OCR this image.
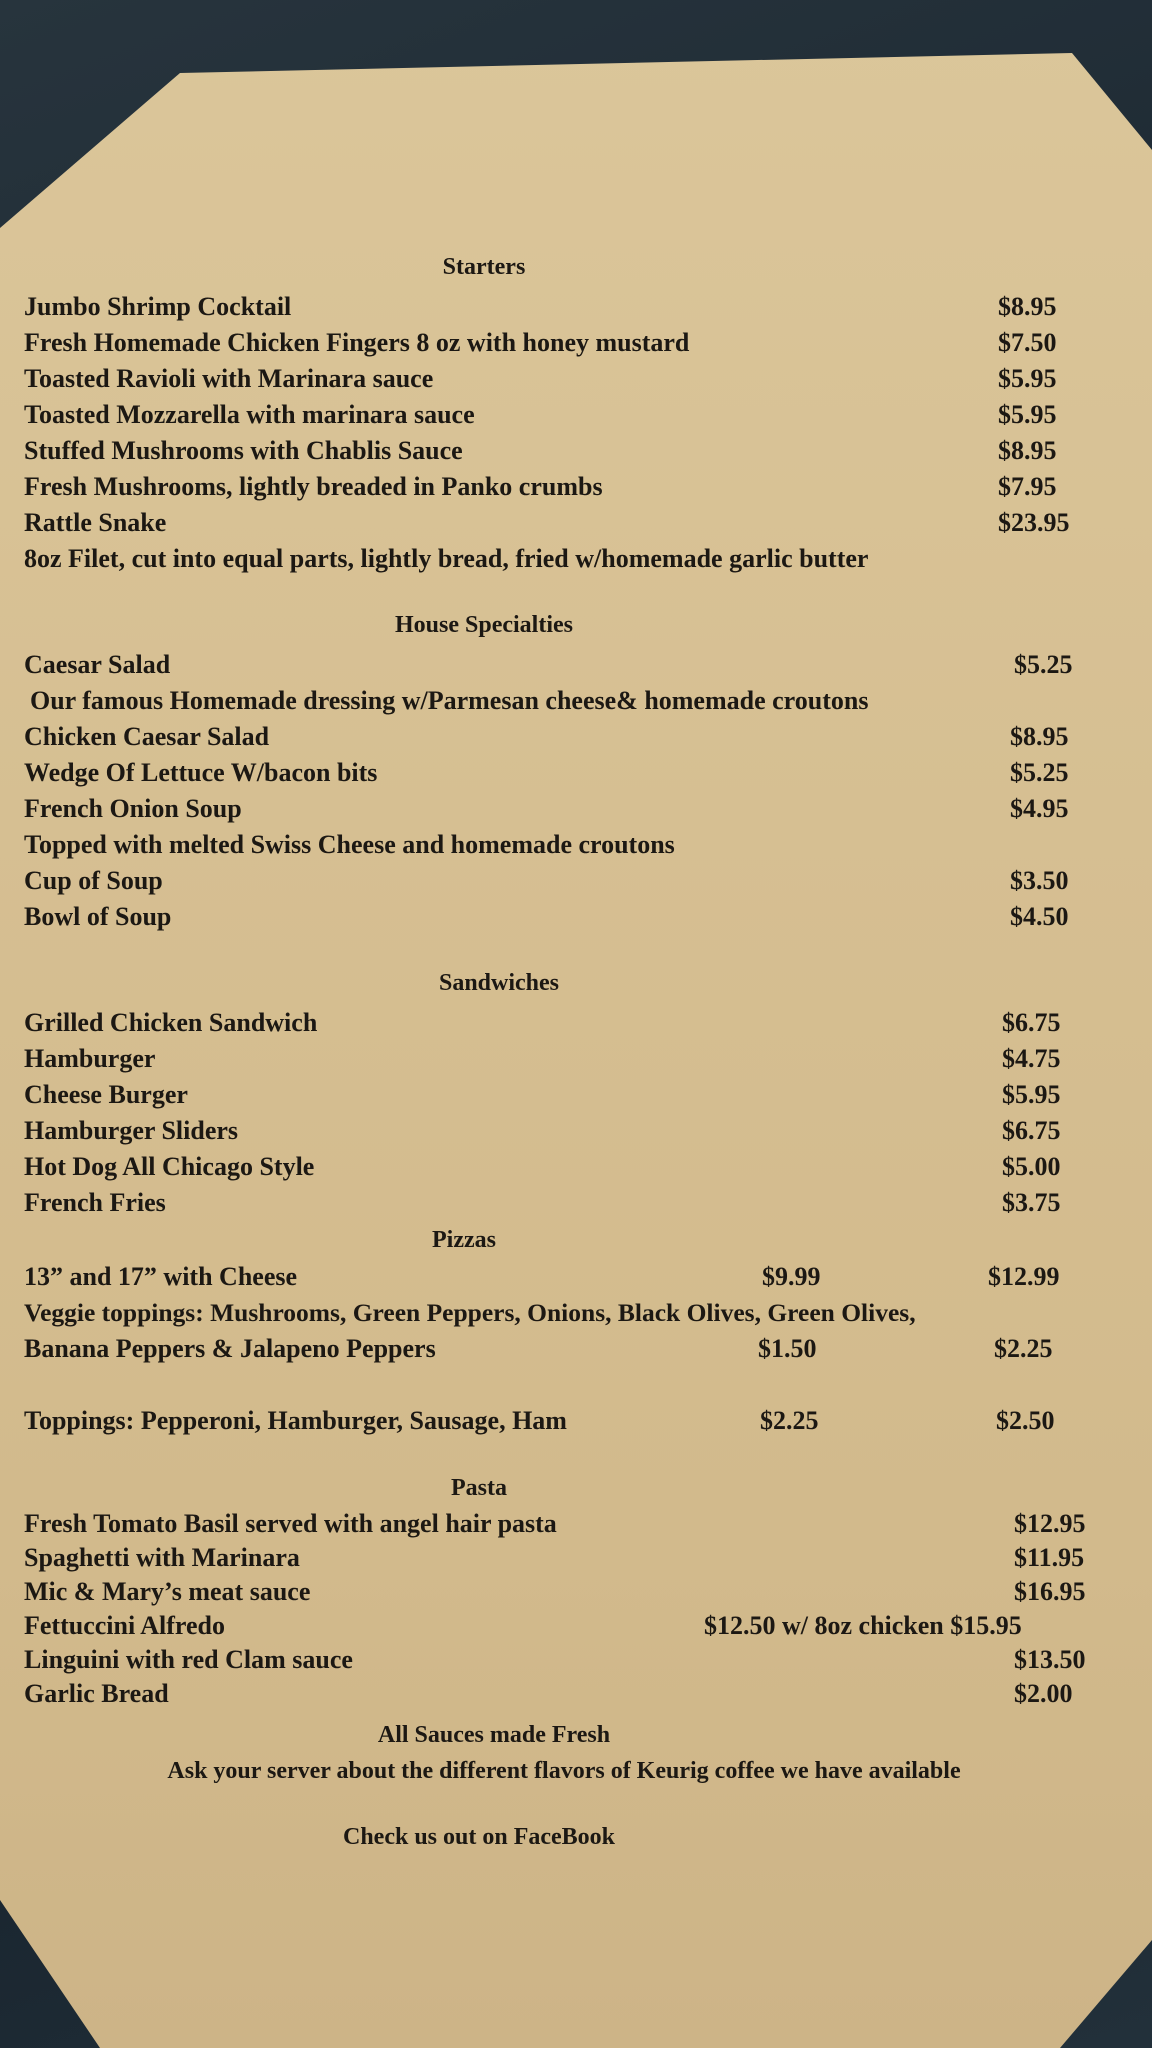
Starters
Jumbo Shrimp Cocktail	$8.95
Fresh Homemade Chicken Fingers 8 oz with honey mustard	$7.50
Toasted Ravioli with Marinara sauce	$5.95
Toasted Mozzarella with marinara sauce	$5.95
Stuffed Mushrooms with Chablis Sauce	$8.95
Fresh Mushrooms, lightly breaded in Panko crumbs	$7.95
Rattle Snake	$23.95
8oz Filet, cut into equal parts, lightly bread, fried w/homemade garlic butter
House Specialties
Caesar Salad	$5.25
Our famous Homemade dressing w/Parmesan cheese& homemade croutons
Chicken Caesar Salad	$8.95
Wedge Of Lettuce W/bacon bits	$5.25
French Onion Soup	$4.95
Topped with melted Swiss Cheese and homemade croutons
Cup of Soup	$3.50
Bowl of Soup	$4.50
Sandwiches
Grilled Chicken Sandwich	$6.75
Hamburger	$4.75
Cheese Burger	$5.95
Hamburger Sliders	$6.75
Hot Dog All Chicago Style	$5.00
French Fries	$3.75
Pizzas
13” and 17” with Cheese	$9.99	$12.99
Veggie toppings: Mushrooms, Green Peppers, Onions, Black Olives, Green Olives,
Banana Peppers & Jalapeno Peppers	$1.50	$2.25
Toppings: Pepperoni, Hamburger, Sausage, Ham	$2.25	$2.50
Pasta
Fresh Tomato Basil served with angel hair pasta	$12.95
Spaghetti with Marinara	$11.95
Mic & Mary’s meat sauce	$16.95
Fettuccini Alfredo	$12.50 w/ 8oz chicken $15.95
Linguini with red Clam sauce	$13.50
Garlic Bread	$2.00
All Sauces made Fresh
Ask your server about the different flavors of Keurig coffee we have available
Check us out on FaceBook
